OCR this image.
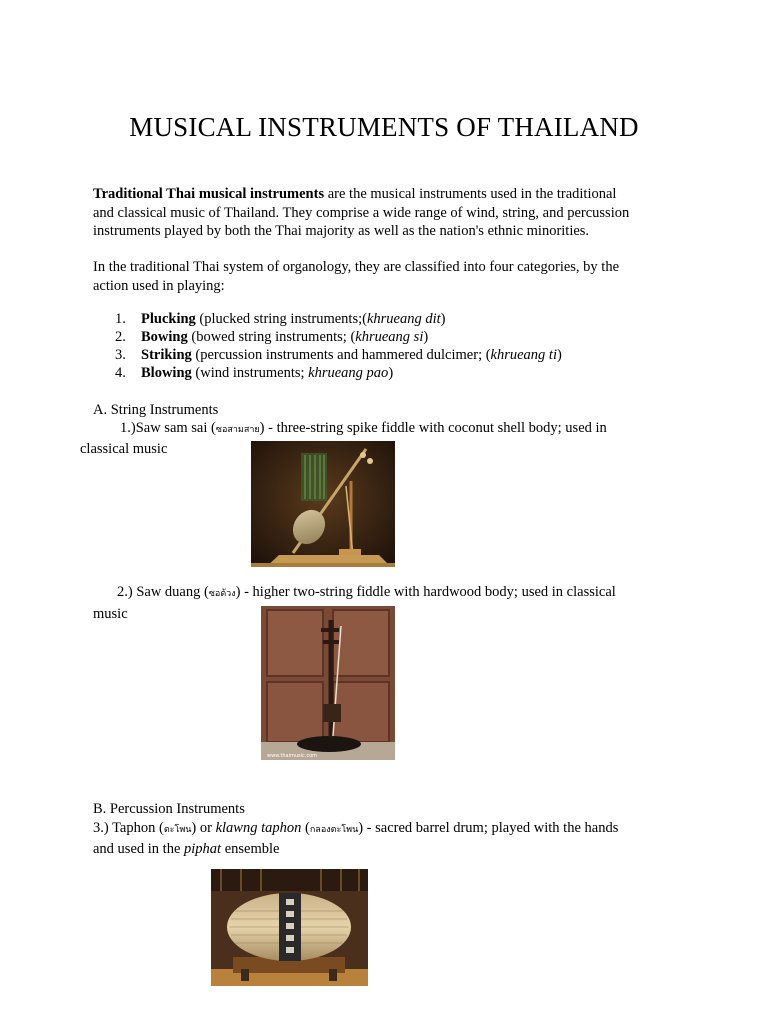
MUSICAL INSTRUMENTS OF THAILAND

Traditional Thai musical instruments are the musical instruments used in the traditional

and classical music of Thailand. They comprise a wide range of wind, string, and percussion

instruments played by both the Thai majority as well as the nation's ethnic minorities.

In the traditional Thai system of organology, they are classified into four categories, by the

action used in playing:

1. Plucking (plucked string instruments;(khrueang dit)
2. Bowing (bowed string instruments; (khrueang si)
3. Striking (percussion instruments and hammered dulcimer; (khrueang ti)
4. Blowing (wind instruments; khrueang pao)

A. String Instruments

1.)Saw sam sai (ซอสามสาย) - three-string spike fiddle with coconut shell body; used in

classical music

2.) Saw duang (ซอด้วง) - higher two-string fiddle with hardwood body; used in classical

music

www.thaimusic.com

B. Percussion Instruments

3.) Taphon (ตะโพน) or klawng taphon (กลองตะโพน) - sacred barrel drum; played with the hands

and used in the piphat ensemble
